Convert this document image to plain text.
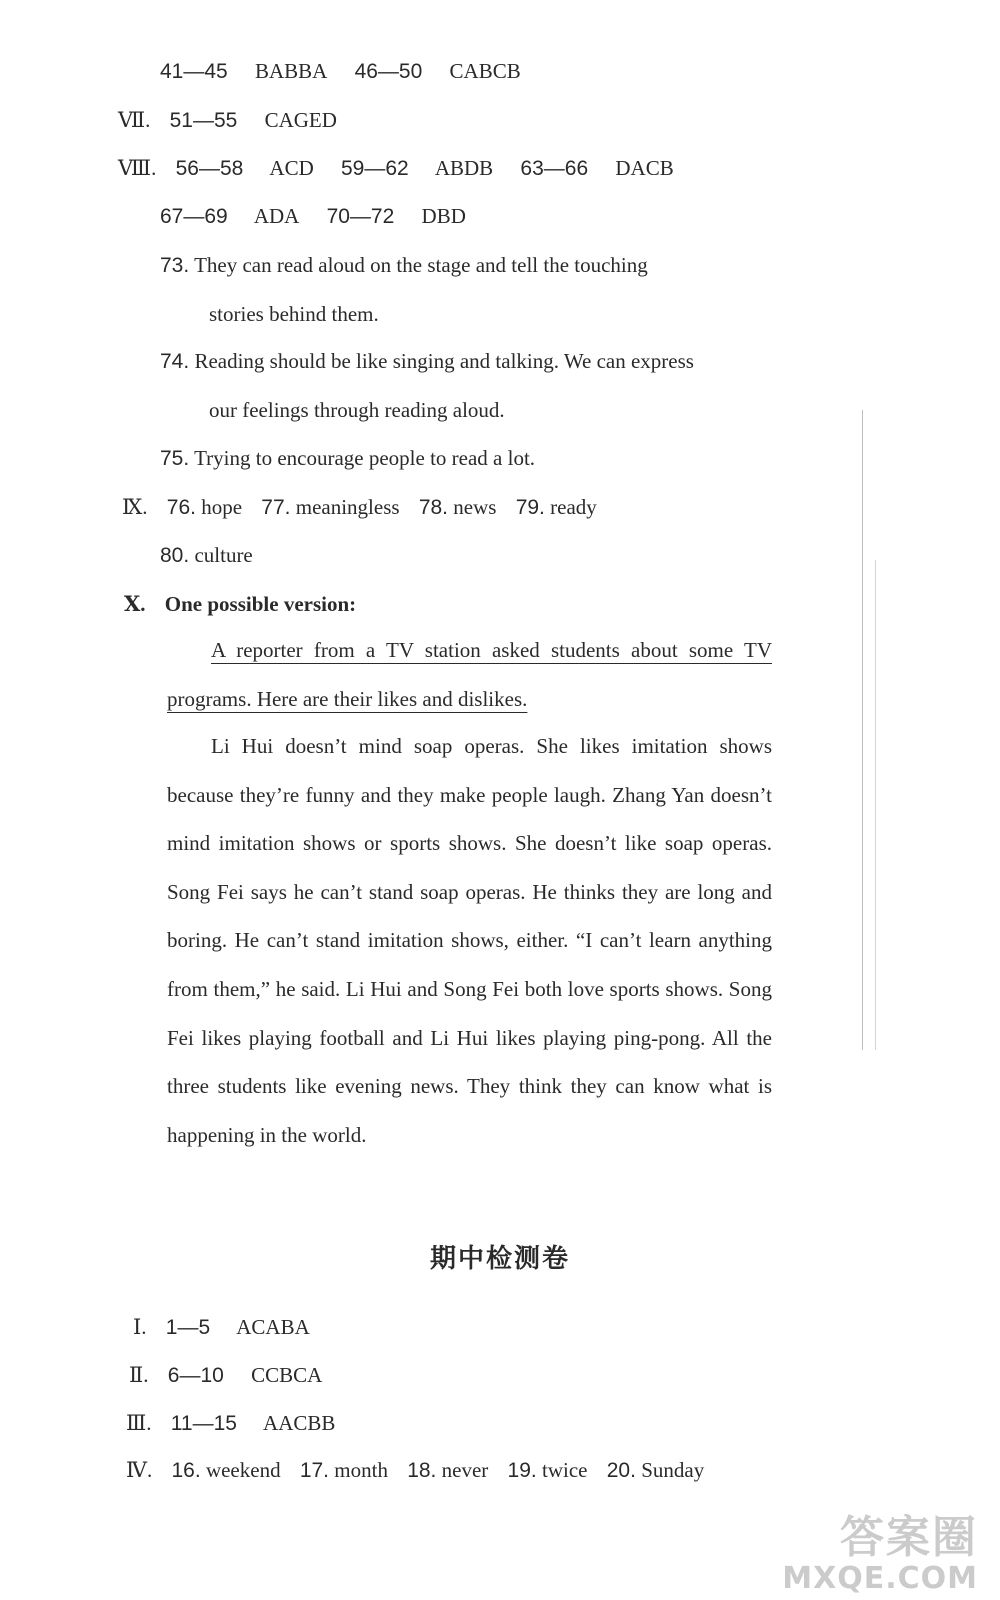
41—45 BABBA 46—50 CABCB
Ⅶ. 51—55 CAGED
Ⅷ. 56—58 ACD 59—62 ABDB 63—66 DACB
67—69 ADA 70—72 DBD
73. They can read aloud on the stage and tell the touching
stories behind them.
74. Reading should be like singing and talking. We can express
our feelings through reading aloud.
75. Trying to encourage people to read a lot.
Ⅸ. 76. hope 77. meaningless 78. news 79. ready
80. culture
Ⅹ. One possible version:
A reporter from a TV station asked students about some TV programs. Here are their likes and dislikes.
Li Hui doesn’t mind soap operas. She likes imitation shows because they’re funny and they make people laugh. Zhang Yan doesn’t mind imitation shows or sports shows. She doesn’t like soap operas. Song Fei says he can’t stand soap operas. He thinks they are long and boring. He can’t stand imitation shows, either. “I can’t learn anything from them,” he said. Li Hui and Song Fei both love sports shows. Song Fei likes playing football and Li Hui likes playing ping-pong. All the three students like evening news. They think they can know what is happening in the world.
期中检测卷
Ⅰ. 1—5 ACABA
Ⅱ. 6—10 CCBCA
Ⅲ. 11—15 AACBB
Ⅳ. 16. weekend 17. month 18. never 19. twice 20. Sunday
答案圈
MXQE.COM
